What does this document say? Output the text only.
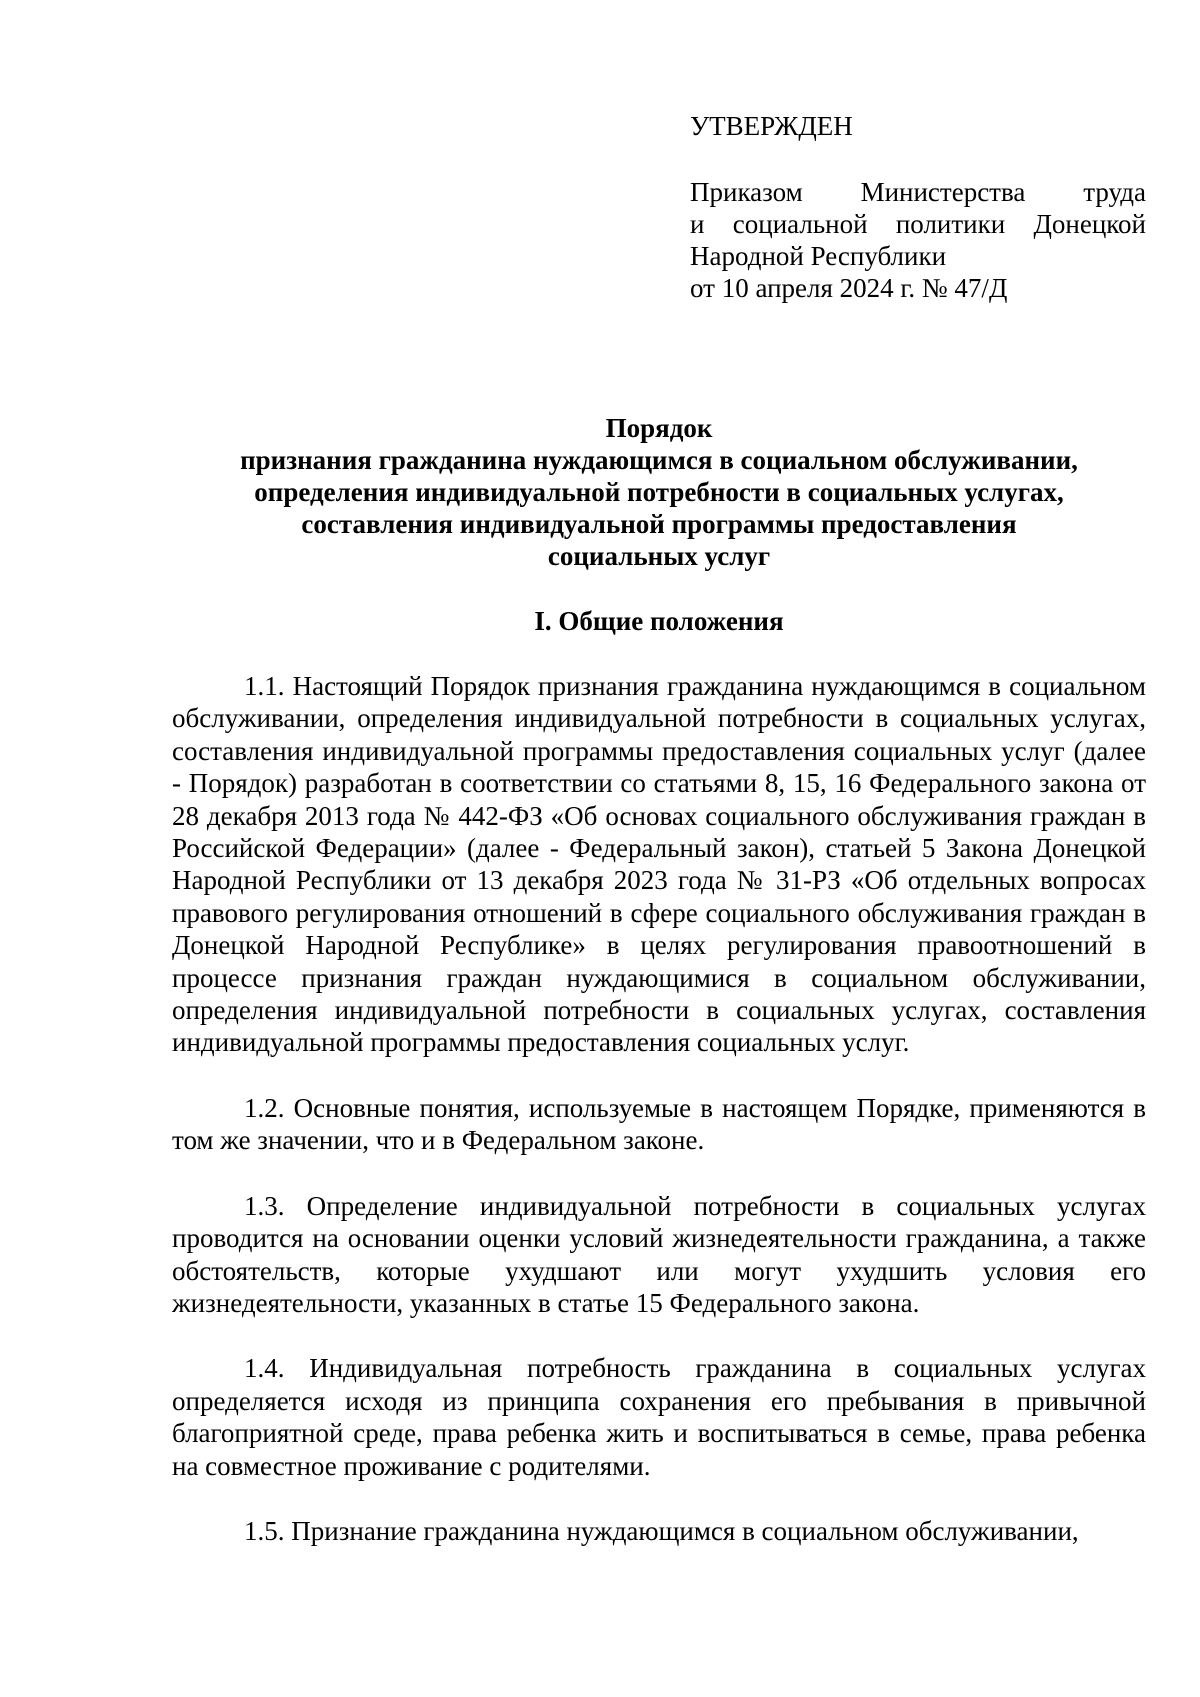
УТВЕРЖДЕН
Приказом Министерства труда
и социальной политики Донецкой
Народной Республики
от 10 апреля 2024 г. № 47/Д
Порядок
признания гражданина нуждающимся в социальном обслуживании,
определения индивидуальной потребности в социальных услугах,
составления индивидуальной программы предоставления
социальных услуг
I. Общие положения

1.1. Настоящий Порядок признания гражданина нуждающимся в социальном обслуживании, определения индивидуальной потребности в социальных услугах, составления индивидуальной программы предоставления социальных услуг (далее - Порядок) разработан в соответствии со статьями 8, 15, 16 Федерального закона от 28 декабря 2013 года № 442-ФЗ «Об основах социального обслуживания граждан в Российской Федерации» (далее - Федеральный закон), статьей 5 Закона Донецкой Народной Республики от 13 декабря 2023 года № 31-РЗ «Об отдельных вопросах правового регулирования отношений в сфере социального обслуживания граждан в Донецкой Народной Республике» в целях регулирования правоотношений в процессе признания граждан нуждающимися в социальном обслуживании, определения индивидуальной потребности в социальных услугах, составления индивидуальной программы предоставления социальных услуг.

1.2. Основные понятия, используемые в настоящем Порядке, применяются в том же значении, что и в Федеральном законе.

1.3. Определение индивидуальной потребности в социальных услугах проводится на основании оценки условий жизнедеятельности гражданина, а также обстоятельств, которые ухудшают или могут ухудшить условия его жизнедеятельности, указанных в статье 15 Федерального закона.

1.4. Индивидуальная потребность гражданина в социальных услугах определяется исходя из принципа сохранения его пребывания в привычной благоприятной среде, права ребенка жить и воспитываться в семье, права ребенка на совместное проживание с родителями.

1.5. Признание гражданина нуждающимся в социальном обслуживании,
